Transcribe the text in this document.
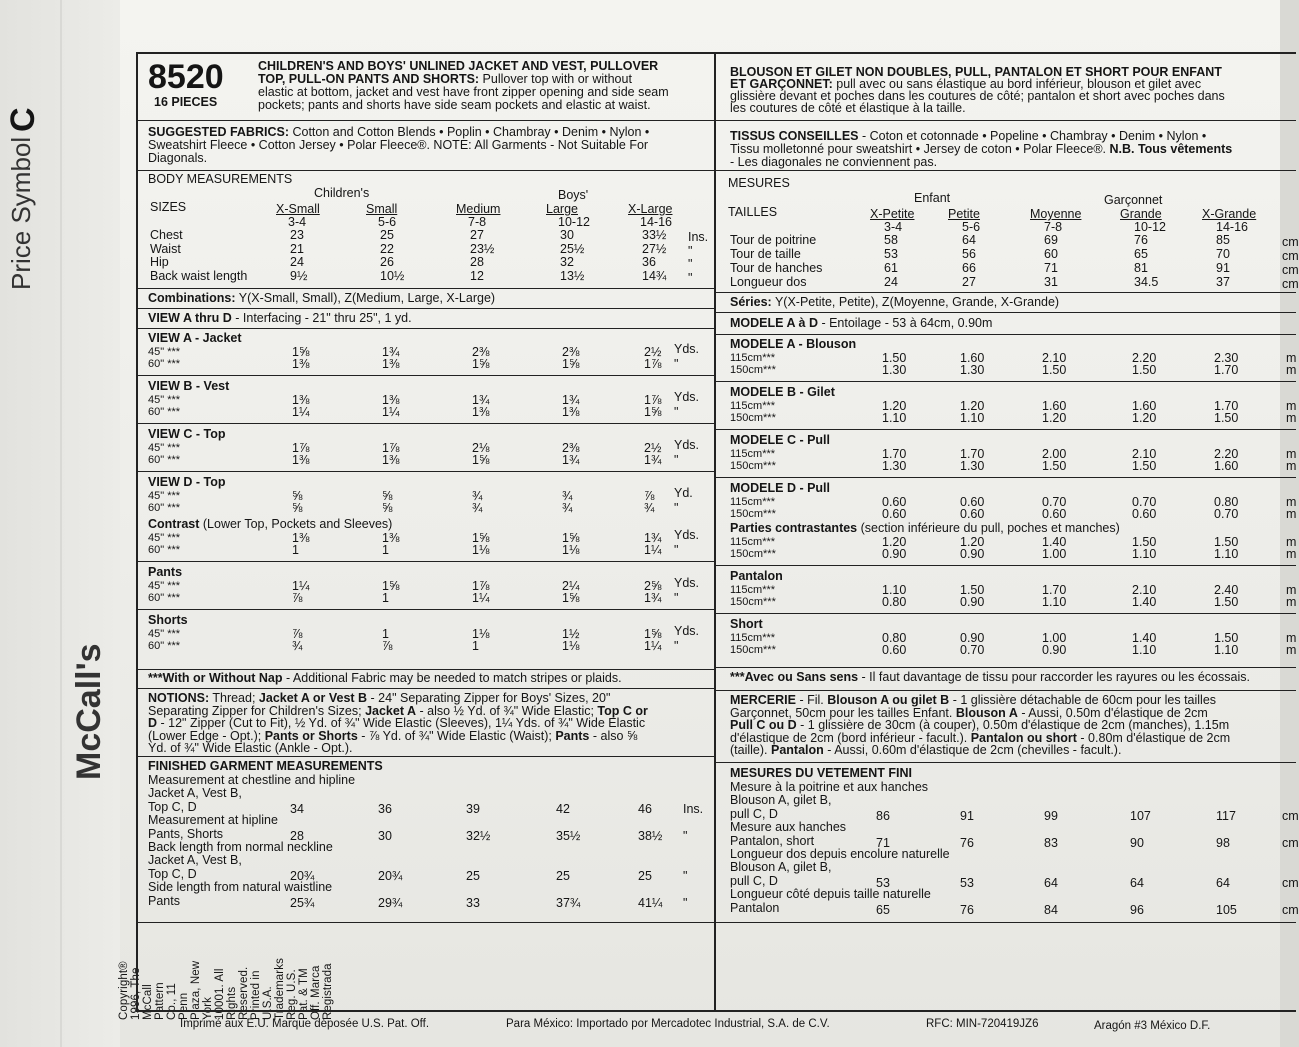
C
Price Symbol
McCall's
Copyright® 1996, The McCall Pattern Co., 11 Penn Plaza, New York 10001. All Rights Reserved. Printed in U.S.A. Trademarks Reg. U.S. Pat. & TM Off. Marca Registrada
8520
16 PIECES
CHILDREN'S AND BOYS' UNLINED JACKET AND VEST, PULLOVER
TOP, PULL-ON PANTS AND SHORTS: Pullover top with or without
elastic at bottom, jacket and vest have front zipper opening and side seam
pockets; pants and shorts have side seam pockets and elastic at waist.
SUGGESTED FABRICS: Cotton and Cotton Blends • Poplin • Chambray • Denim • Nylon •
Sweatshirt Fleece • Cotton Jersey • Polar Fleece®. NOTE: All Garments - Not Suitable For
Diagonals.
BODY MEASUREMENTS
Children's	Boys'
SIZES	X-Small	Small	Medium	Large	X-Large
3-4	5-6	7-8	10-12	14-16
Chest	23	25	27	30	33½ Ins.
Waist	21	22	23½	25½	27½ "
Hip	24	26	28	32	36	"
Back waist length	9½	10½	12	13½	14¾ "
Combinations: Y(X-Small, Small), Z(Medium, Large, X-Large)
VIEW A thru D - Interfacing - 21" thru 25", 1 yd.
VIEW A - Jacket
45" ***	1⅝	1¾	2⅜	2⅜	2½ Yds.
60" ***	1⅜	1⅜	1⅝	1⅝	1⅞ "
VIEW B - Vest
45" ***	1⅜	1⅜	1¾	1¾	1⅞ Yds.
60" ***	1¼	1¼	1⅜	1⅜	1⅝ "
VIEW C - Top
45" ***	1⅞	1⅞	2⅛	2⅜	2½ Yds.
60" ***	1⅜	1⅜	1⅝	1¾	1¾ "
VIEW D - Top
45" ***	⅝	⅝	¾	¾	⅞ Yd.
60" ***	⅝	⅝	¾	¾	¾ "
Contrast (Lower Top, Pockets and Sleeves)
45" ***	1⅜	1⅜	1⅝	1⅝	1¾ Yds.
60" ***	1	1	1⅛	1⅛	1¼ "
Pants
45" ***	1¼	1⅝	1⅞	2¼	2⅝ Yds.
60" ***	⅞	1	1¼	1⅝	1¾ "
Shorts
45" ***	⅞	1	1⅛	1½	1⅝ Yds.
60" ***	¾	⅞	1	1⅛	1¼ "
***With or Without Nap - Additional Fabric may be needed to match stripes or plaids.
NOTIONS: Thread; Jacket A or Vest B - 24" Separating Zipper for Boys' Sizes, 20"
Separating Zipper for Children's Sizes; Jacket A - also ½ Yd. of ¾" Wide Elastic; Top C or
D - 12" Zipper (Cut to Fit), ½ Yd. of ¾" Wide Elastic (Sleeves), 1¼ Yds. of ¾" Wide Elastic
(Lower Edge - Opt.); Pants or Shorts - ⅞ Yd. of ¾" Wide Elastic (Waist); Pants - also ⅝
Yd. of ¾" Wide Elastic (Ankle - Opt.).
FINISHED GARMENT MEASUREMENTS
Measurement at chestline and hipline
Jacket A, Vest B,
Top C, D	34	36	39	42	46 Ins.
Measurement at hipline
Pants, Shorts	28	30	32½	35½	38½ "
Back length from normal neckline
Jacket A, Vest B,
Top C, D	20¾	20¾	25	25	25 "
Side length from natural waistline
Pants	25¾	29¾	33	37¾	41¼ "
BLOUSON ET GILET NON DOUBLES, PULL, PANTALON ET SHORT POUR ENFANT
ET GARÇONNET: pull avec ou sans élastique au bord inférieur, blouson et gilet avec
glissière devant et poches dans les coutures de côté; pantalon et short avec poches dans
les coutures de côté et élastique à la taille.
TISSUS CONSEILLES - Coton et cotonnade • Popeline • Chambray • Denim • Nylon •
Tissu molletonné pour sweatshirt • Jersey de coton • Polar Fleece®. N.B. Tous vêtements
- Les diagonales ne conviennent pas.
MESURES
Enfant	Garçonnet
TAILLES	X-Petite	Petite	Moyenne	Grande	X-Grande
3-4	5-6	7-8	10-12	14-16
Tour de poitrine	58	64	69	76	85	cm
Tour de taille	53	56	60	65	70	cm
Tour de hanches	61	66	71	81	91	cm
Longueur dos	24	27	31	34.5	37	cm
Séries: Y(X-Petite, Petite), Z(Moyenne, Grande, X-Grande)
MODELE A à D - Entoilage - 53 à 64cm, 0.90m
MODELE A - Blouson
115cm***	1.50	1.60	2.10	2.20	2.30	m
150cm***	1.30	1.30	1.50	1.50	1.70	m
MODELE B - Gilet
115cm***	1.20	1.20	1.60	1.60	1.70	m
150cm***	1.10	1.10	1.20	1.20	1.50	m
MODELE C - Pull
115cm***	1.70	1.70	2.00	2.10	2.20	m
150cm***	1.30	1.30	1.50	1.50	1.60	m
MODELE D - Pull
115cm***	0.60	0.60	0.70	0.70	0.80	m
150cm***	0.60	0.60	0.60	0.60	0.70	m
Parties contrastantes (section inférieure du pull, poches et manches)
115cm***	1.20	1.20	1.40	1.50	1.50	m
150cm***	0.90	0.90	1.00	1.10	1.10	m
Pantalon
115cm***	1.10	1.50	1.70	2.10	2.40	m
150cm***	0.80	0.90	1.10	1.40	1.50	m
Short
115cm***	0.80	0.90	1.00	1.40	1.50	m
150cm***	0.60	0.70	0.90	1.10	1.10	m
***Avec ou Sans sens - Il faut davantage de tissu pour raccorder les rayures ou les écossais.
MERCERIE - Fil. Blouson A ou gilet B - 1 glissière détachable de 60cm pour les tailles
Garçonnet, 50cm pour les tailles Enfant. Blouson A - Aussi, 0.50m d'élastique de 2cm
Pull C ou D - 1 glissière de 30cm (à couper), 0.50m d'élastique de 2cm (manches), 1.15m
d'élastique de 2cm (bord inférieur - facult.). Pantalon ou short - 0.80m d'élastique de 2cm
(taille). Pantalon - Aussi, 0.60m d'élastique de 2cm (chevilles - facult.).
MESURES DU VETEMENT FINI
Mesure à la poitrine et aux hanches
Blouson A, gilet B,
pull C, D	86	91	99	107	117	cm
Mesure aux hanches
Pantalon, short	71	76	83	90	98	cm
Longueur dos depuis encolure naturelle
Blouson A, gilet B,
pull C, D	53	53	64	64	64	cm
Longueur côté depuis taille naturelle
Pantalon	65	76	84	96	105	cm
Imprimé aux E.U. Marque déposée U.S. Pat. Off.	Para México: Importado por Mercadotec Industrial, S.A. de C.V.	RFC: MIN-720419JZ6	Aragón #3 México D.F.
